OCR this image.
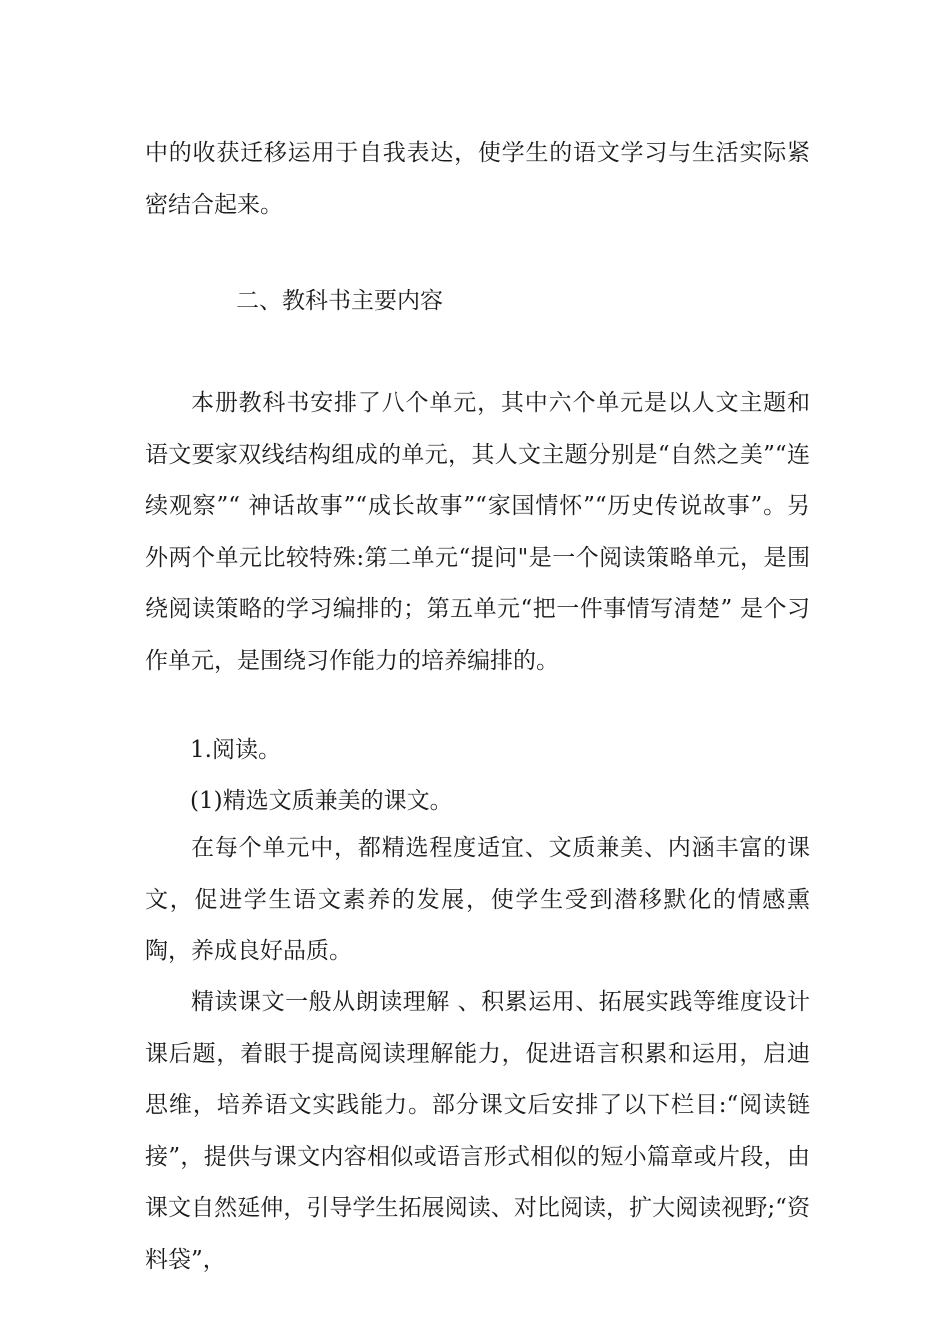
中的收获迁移运用于自我表达，使学生的语文学习与生活实际紧密结合起来。

二、教科书主要内容

本册教科书安排了八个单元，其中六个单元是以人文主题和语文要家双线结构组成的单元，其人文主题分别是“自然之美”“连续观察”“ 神话故事”“成长故事”“家国情怀”“历史传说故事”。另外两个单元比较特殊:第二单元“提问"是一个阅读策略单元，是围绕阅读策略的学习编排的；第五单元“把一件事情写清楚” 是个习作单元，是围绕习作能力的培养编排的。

1.阅读。

(1)精选文质兼美的课文。

在每个单元中，都精选程度适宜、文质兼美、内涵丰富的课文，促进学生语文素养的发展，使学生受到潜移默化的情感熏陶，养成良好品质。

精读课文一般从朗读理解 、积累运用、拓展实践等维度设计课后题，着眼于提高阅读理解能力，促进语言积累和运用，启迪思维，培养语文实践能力。部分课文后安排了以下栏目:“阅读链接”，提供与课文内容相似或语言形式相似的短小篇章或片段，由课文自然延伸，引导学生拓展阅读、对比阅读，扩大阅读视野;“资料袋”，
